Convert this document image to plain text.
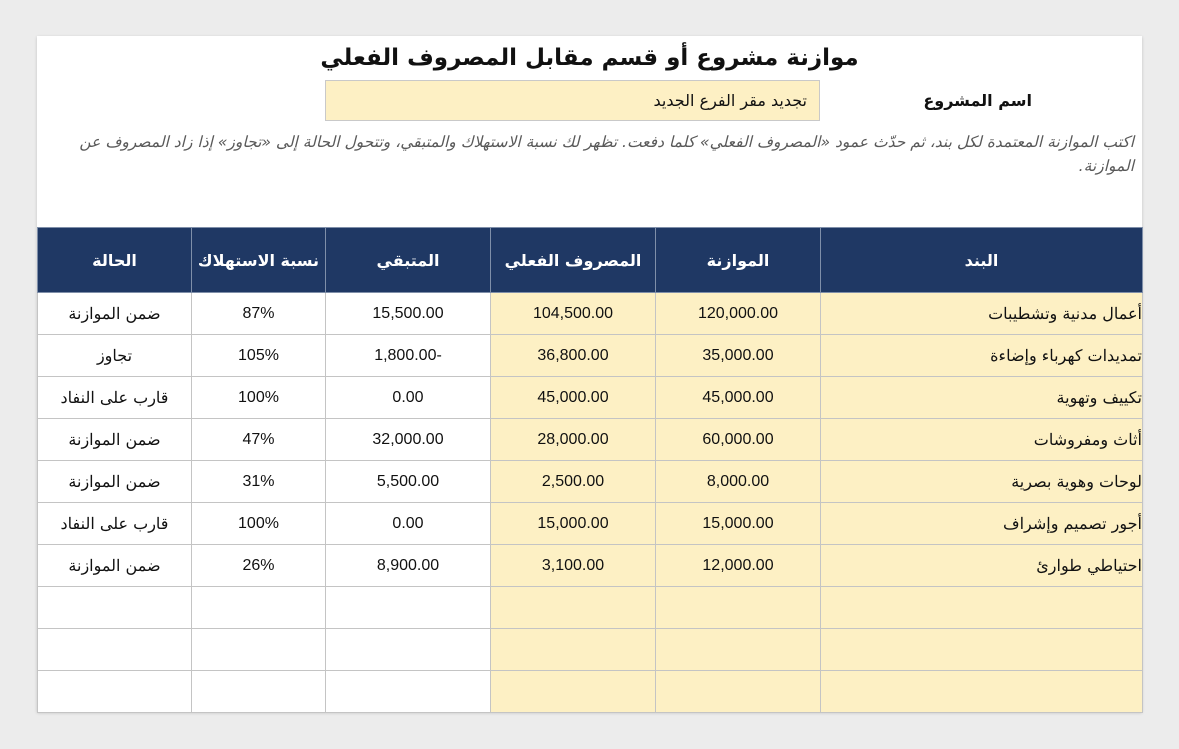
موازنة مشروع أو قسم مقابل المصروف الفعلي
اسم المشروع
تجديد مقر الفرع الجديد
اكتب الموازنة المعتمدة لكل بند، ثم حدّث عمود «المصروف الفعلي» كلما دفعت. تظهر لك نسبة الاستهلاك والمتبقي، وتتحول الحالة إلى «تجاوز» إذا زاد المصروف عن الموازنة.
البند	الموازنة	المصروف الفعلي	المتبقي	نسبة الاستهلاك	الحالة
أعمال مدنية وتشطيبات	120,000.00	104,500.00	15,500.00	87%	ضمن الموازنة
تمديدات كهرباء وإضاءة	35,000.00	36,800.00	1,800.00-	105%	تجاوز
تكييف وتهوية	45,000.00	45,000.00	0.00	100%	قارب على النفاد
أثاث ومفروشات	60,000.00	28,000.00	32,000.00	47%	ضمن الموازنة
لوحات وهوية بصرية	8,000.00	2,500.00	5,500.00	31%	ضمن الموازنة
أجور تصميم وإشراف	15,000.00	15,000.00	0.00	100%	قارب على النفاد
احتياطي طوارئ	12,000.00	3,100.00	8,900.00	26%	ضمن الموازنة
